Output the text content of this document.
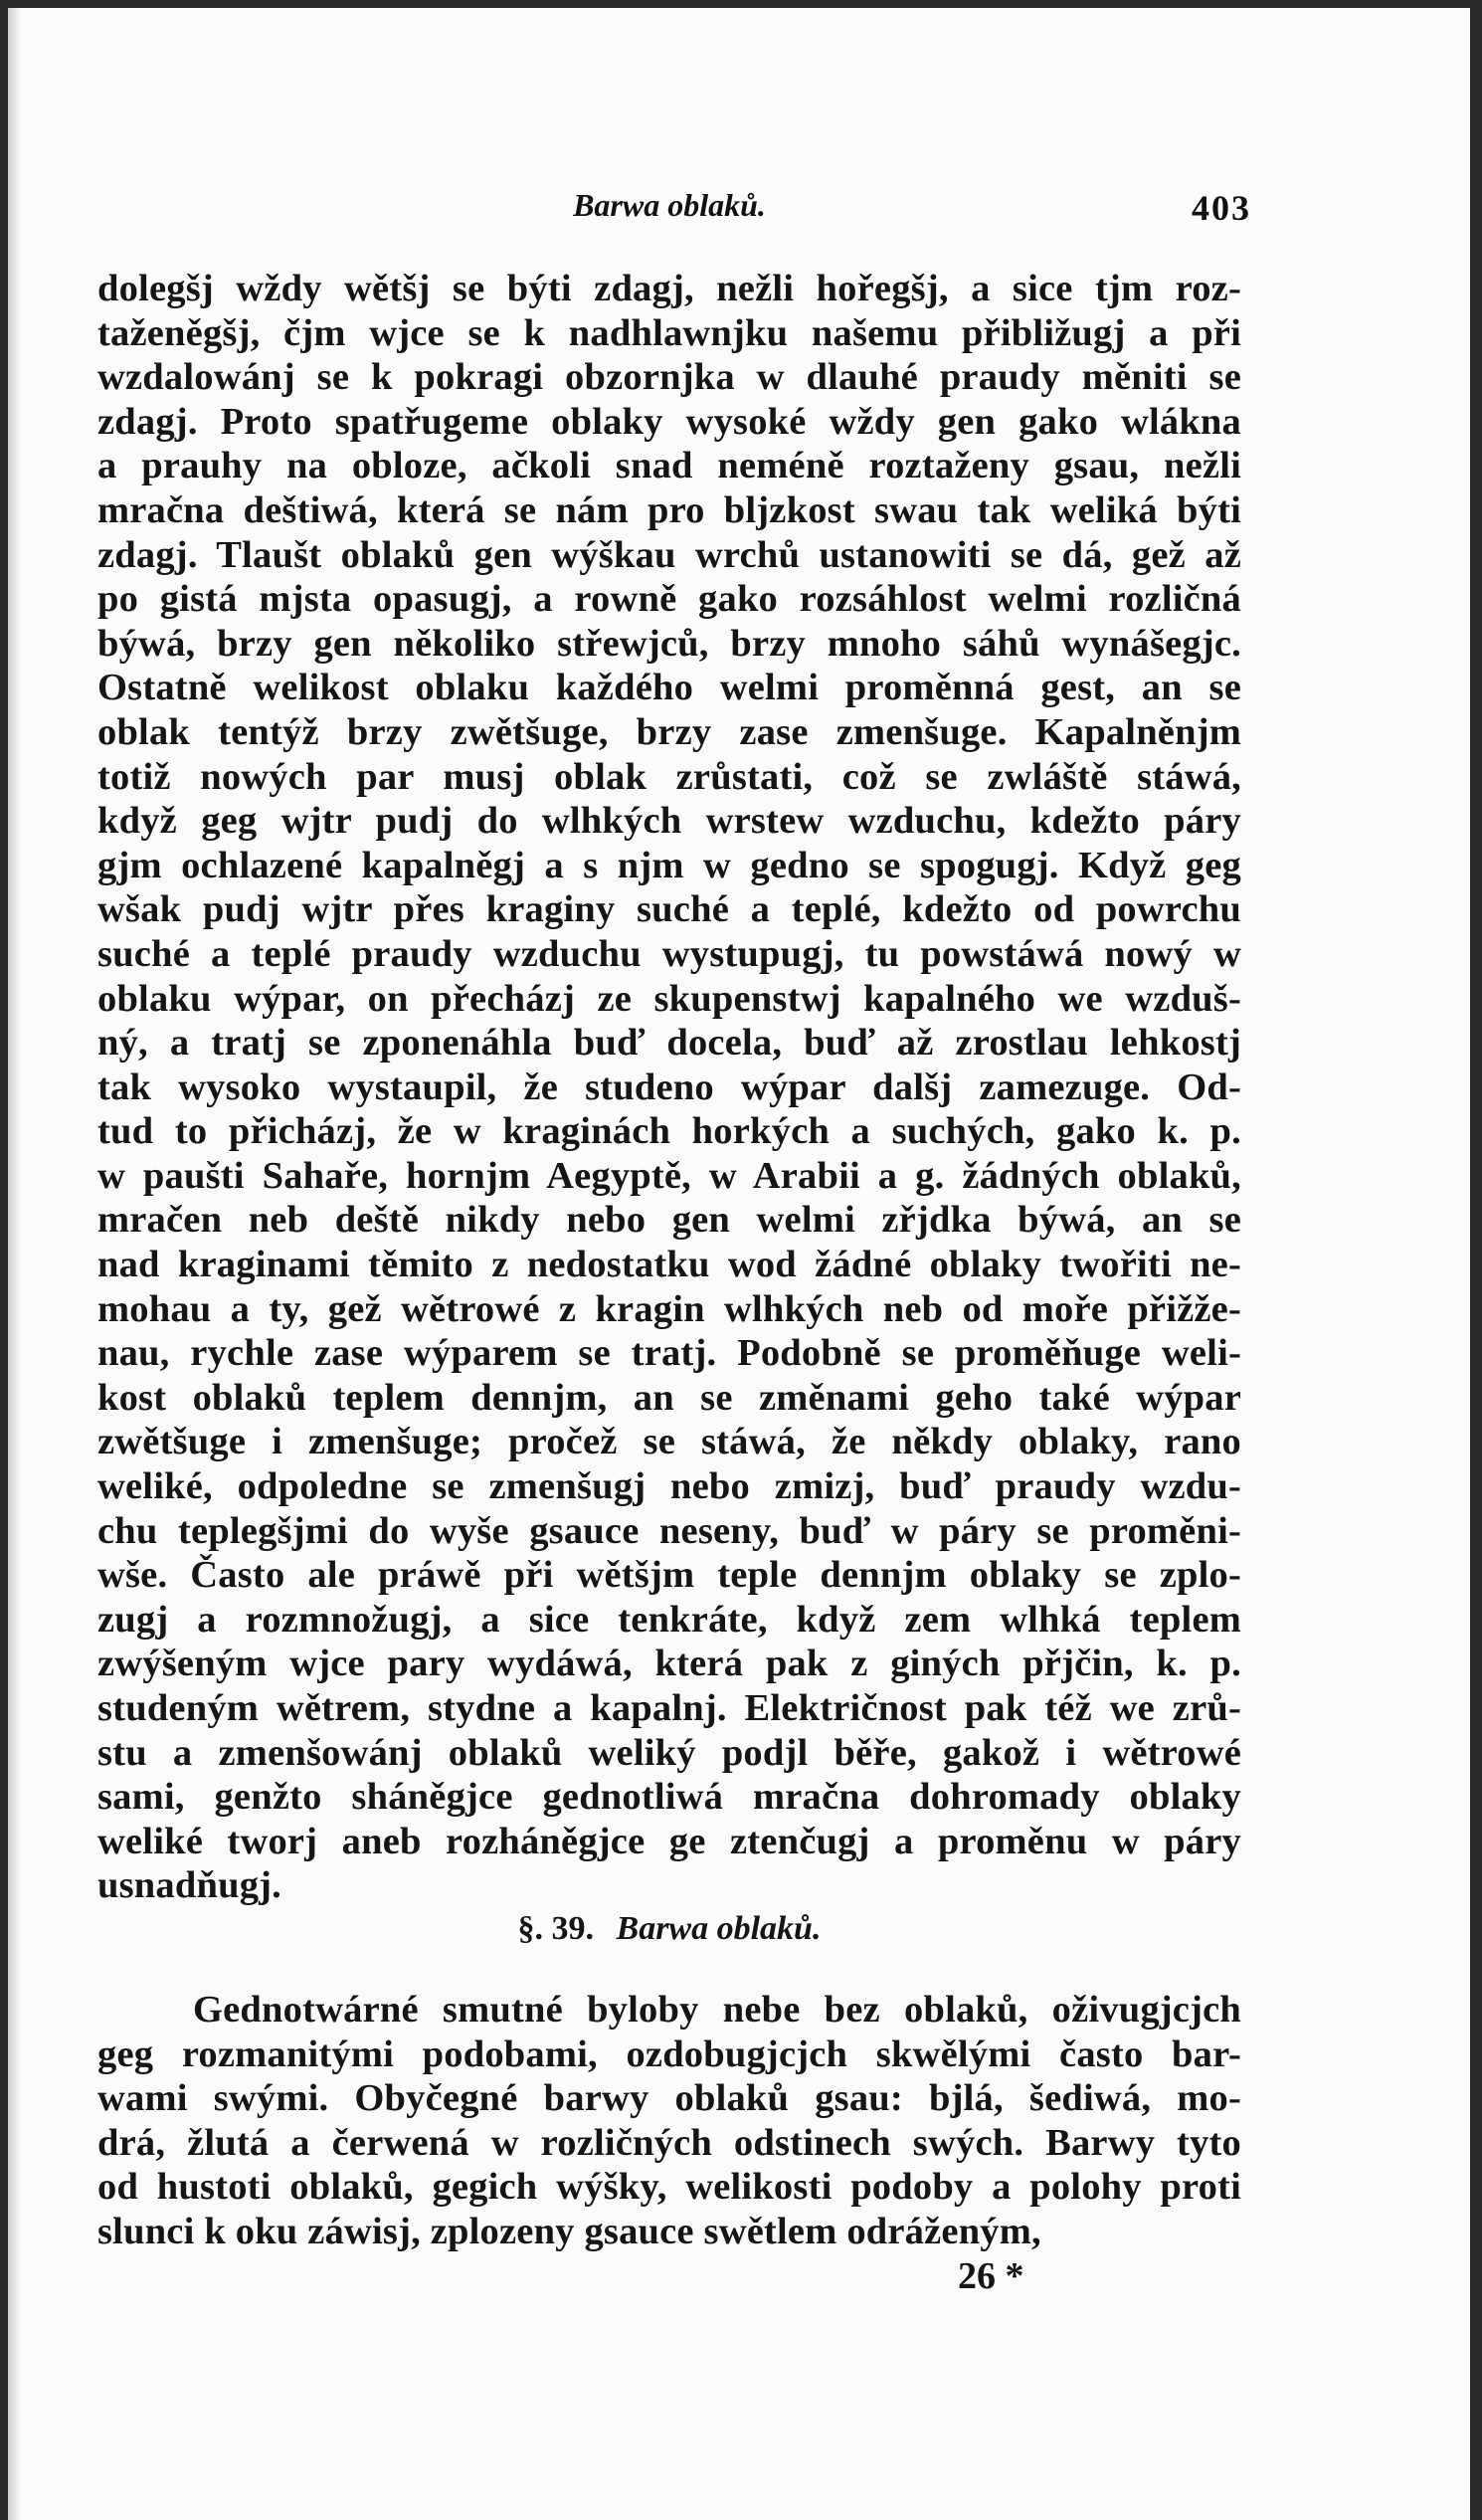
Barwa oblaků.	403
dolegšj wždy wětšj se býti zdagj, nežli hořegšj, a sice tjm roz-
taženěgšj, čjm wjce se k nadhlawnjku našemu přibližugj a při
wzdalowánj se k pokragi obzornjka w dlauhé praudy měniti se
zdagj. Proto spatřugeme oblaky wysoké wždy gen gako wlákna
a prauhy na obloze, ačkoli snad neméně roztaženy gsau, nežli
mračna deštiwá, která se nám pro bljzkost swau tak weliká býti
zdagj. Tlaušt oblaků gen wýškau wrchů ustanowiti se dá, gež až
po gistá mjsta opasugj, a rowně gako rozsáhlost welmi rozličná
býwá, brzy gen několiko střewjců, brzy mnoho sáhů wynášegjc.
Ostatně welikost oblaku každého welmi proměnná gest, an se
oblak tentýž brzy zwětšuge, brzy zase zmenšuge. Kapalněnjm
totiž nowých par musj oblak zrůstati, což se zwláště stáwá,
když geg wjtr pudj do wlhkých wrstew wzduchu, kdežto páry
gjm ochlazené kapalněgj a s njm w gedno se spogugj. Když geg
wšak pudj wjtr přes kraginy suché a teplé, kdežto od powrchu
suché a teplé praudy wzduchu wystupugj, tu powstáwá nowý w
oblaku wýpar, on přecházj ze skupenstwj kapalného we wzduš-
ný, a tratj se zponenáhla buď docela, buď až zrostlau lehkostj
tak wysoko wystaupil, že studeno wýpar dalšj zamezuge. Od-
tud to přicházj, že w kraginách horkých a suchých, gako k. p.
w paušti Sahaře, hornjm Aegyptě, w Arabii a g. žádných oblaků,
mračen neb deště nikdy nebo gen welmi zřjdka býwá, an se
nad kraginami těmito z nedostatku wod žádné oblaky twořiti ne-
mohau a ty, gež wětrowé z kragin wlhkých neb od moře přižže-
nau, rychle zase wýparem se tratj. Podobně se proměňuge weli-
kost oblaků teplem dennjm, an se změnami geho také wýpar
zwětšuge i zmenšuge; pročež se stáwá, že někdy oblaky, rano
weliké, odpoledne se zmenšugj nebo zmizj, buď praudy wzdu-
chu teplegšjmi do wyše gsauce neseny, buď w páry se proměni-
wše. Často ale práwě při wětšjm teple dennjm oblaky se zplo-
zugj a rozmnožugj, a sice tenkráte, když zem wlhká teplem
zwýšeným wjce pary wydáwá, která pak z giných přjčin, k. p.
studeným wětrem, stydne a kapalnj. Električnost pak též we zrů-
stu a zmenšowánj oblaků weliký podjl běře, gakož i wětrowé
sami, genžto sháněgjce gednotliwá mračna dohromady oblaky
weliké tworj aneb rozháněgjce ge ztenčugj a proměnu w páry
usnadňugj.
§. 39. Barwa oblaků.
Gednotwárné smutné byloby nebe bez oblaků, oživugjcjch
geg rozmanitými podobami, ozdobugjcjch skwělými často bar-
wami swými. Obyčegné barwy oblaků gsau: bjlá, šediwá, mo-
drá, žlutá a čerwená w rozličných odstinech swých. Barwy tyto
od hustoti oblaků, gegich wýšky, welikosti podoby a polohy proti
slunci k oku záwisj, zplozeny gsauce swětlem odráženým,
26 *
